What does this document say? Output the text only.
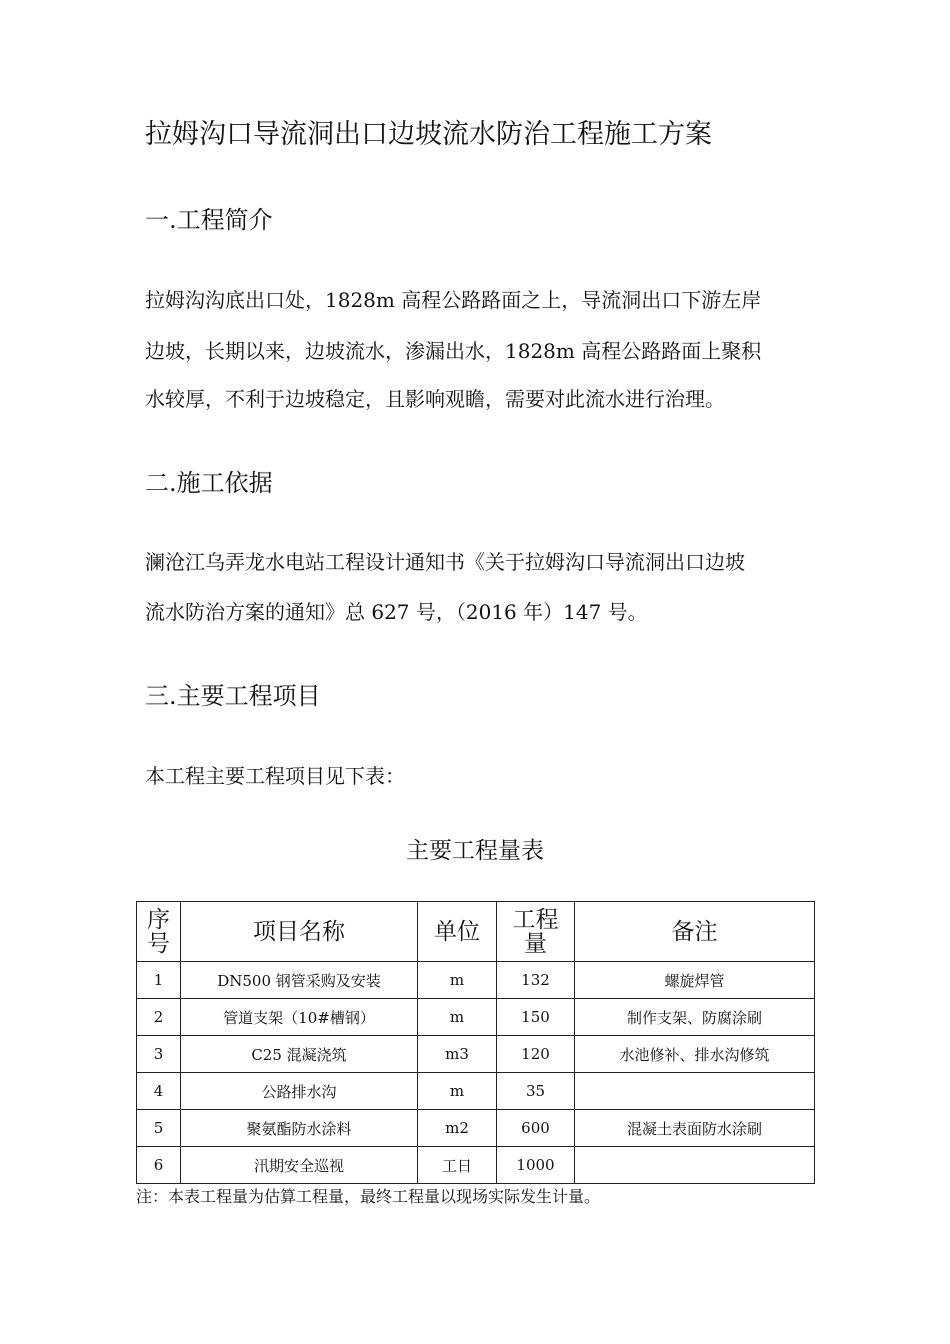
拉姆沟口导流洞出口边坡流水防治工程施工方案
一.工程简介
拉姆沟沟底出口处，1828m 高程公路路面之上，导流洞出口下游左岸
边坡，长期以来，边坡流水，渗漏出水，1828m 高程公路路面上聚积
水较厚，不利于边坡稳定，且影响观瞻，需要对此流水进行治理。
二.施工依据
澜沧江乌弄龙水电站工程设计通知书《关于拉姆沟口导流洞出口边坡
流水防治方案的通知》总 627 号，（2016 年）147 号。
三.主要工程项目
本工程主要工程项目见下表：
主要工程量表
序号	项目名称	单位	工程量	备注
1	DN500 钢管采购及安装	m	132	螺旋焊管
2	管道支架（10#槽钢）	m	150	制作支架、防腐涂刷
3	C25 混凝浇筑	m3	120	水池修补、排水沟修筑
4	公路排水沟	m	35	
5	聚氨酯防水涂料	m2	600	混凝土表面防水涂刷
6	汛期安全巡视	工日	1000	
注：本表工程量为估算工程量，最终工程量以现场实际发生计量。
